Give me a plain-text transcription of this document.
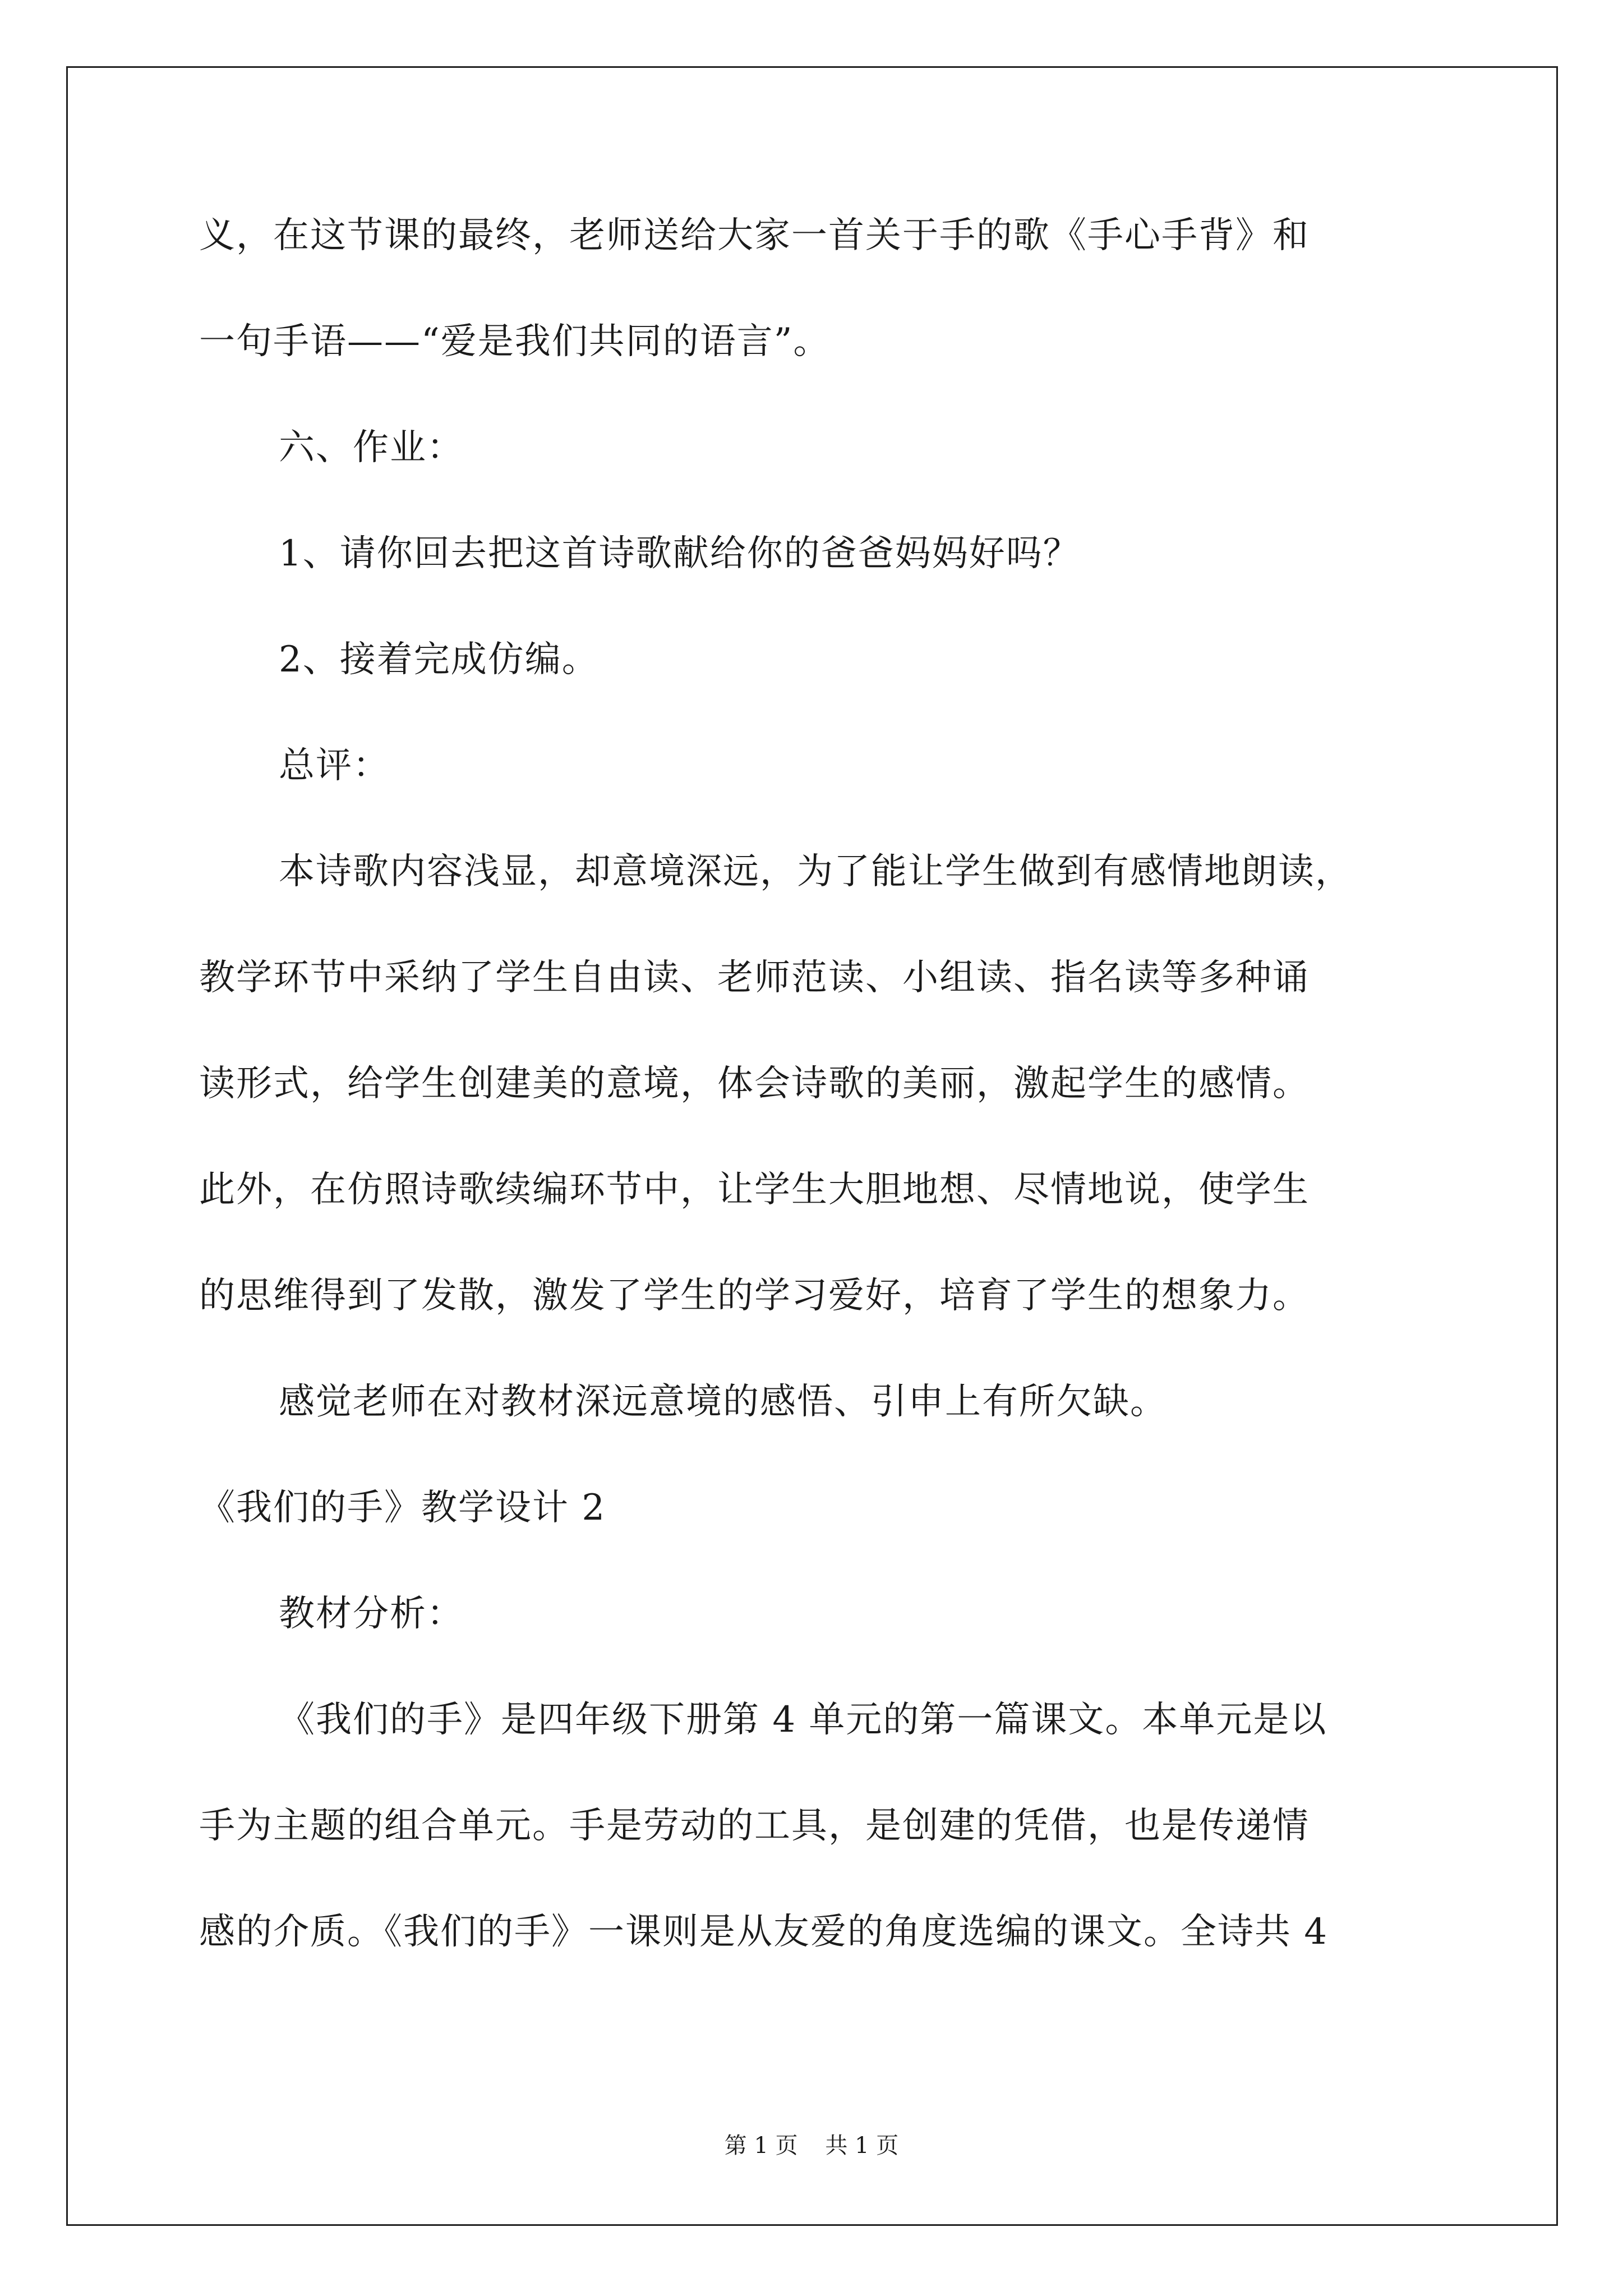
义，在这节课的最终，老师送给大家一首关于手的歌《手心手背》和
一句手语——“爱是我们共同的语言”。
六、作业：
1、请你回去把这首诗歌献给你的爸爸妈妈好吗？
2、接着完成仿编。
总评：
本诗歌内容浅显，却意境深远，为了能让学生做到有感情地朗读，
教学环节中采纳了学生自由读、老师范读、小组读、指名读等多种诵
读形式，给学生创建美的意境，体会诗歌的美丽，激起学生的感情。
此外，在仿照诗歌续编环节中，让学生大胆地想、尽情地说，使学生
的思维得到了发散，激发了学生的学习爱好，培育了学生的想象力。
感觉老师在对教材深远意境的感悟、引申上有所欠缺。
《我们的手》教学设计 2
教材分析：
《我们的手》是四年级下册第 4 单元的第一篇课文。本单元是以
手为主题的组合单元。手是劳动的工具，是创建的凭借，也是传递情
感的介质。《我们的手》一课则是从友爱的角度选编的课文。全诗共 4
第 1 页 共 1 页
